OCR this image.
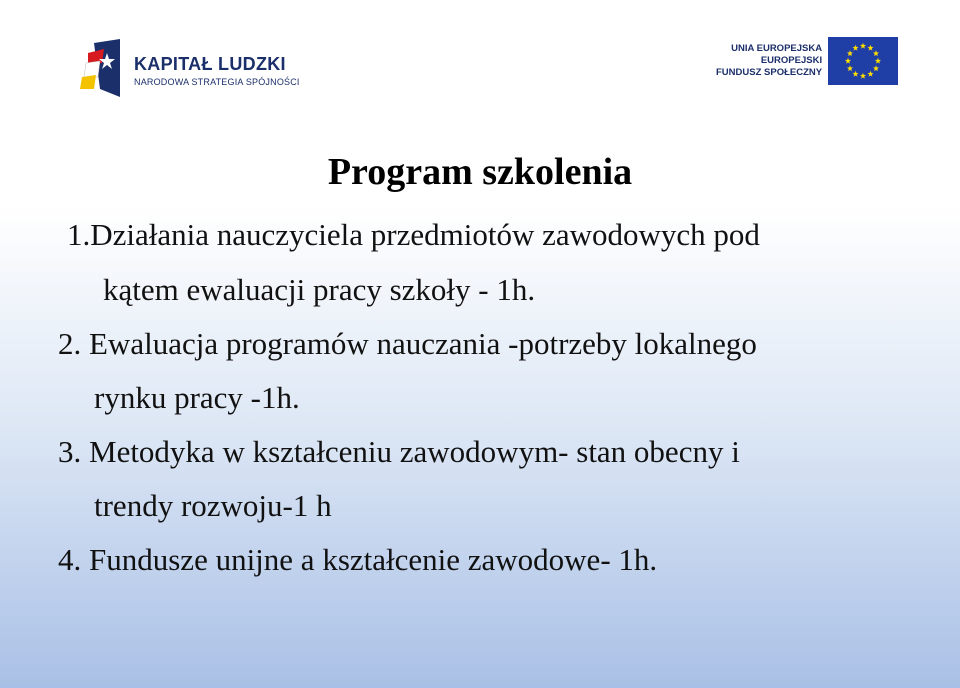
KAPITAŁ LUDZKI
NARODOWA STRATEGIA SPÓJNOŚCI
UNIA EUROPEJSKA
EUROPEJSKI
FUNDUSZ SPOŁECZNY
Program szkolenia
1.Działania nauczyciela przedmiotów zawodowych pod
kątem ewaluacji pracy szkoły - 1h.
2. Ewaluacja programów nauczania -potrzeby lokalnego
rynku pracy -1h.
3. Metodyka w kształceniu zawodowym- stan obecny i
trendy rozwoju-1 h
4. Fundusze unijne a kształcenie zawodowe- 1h.
